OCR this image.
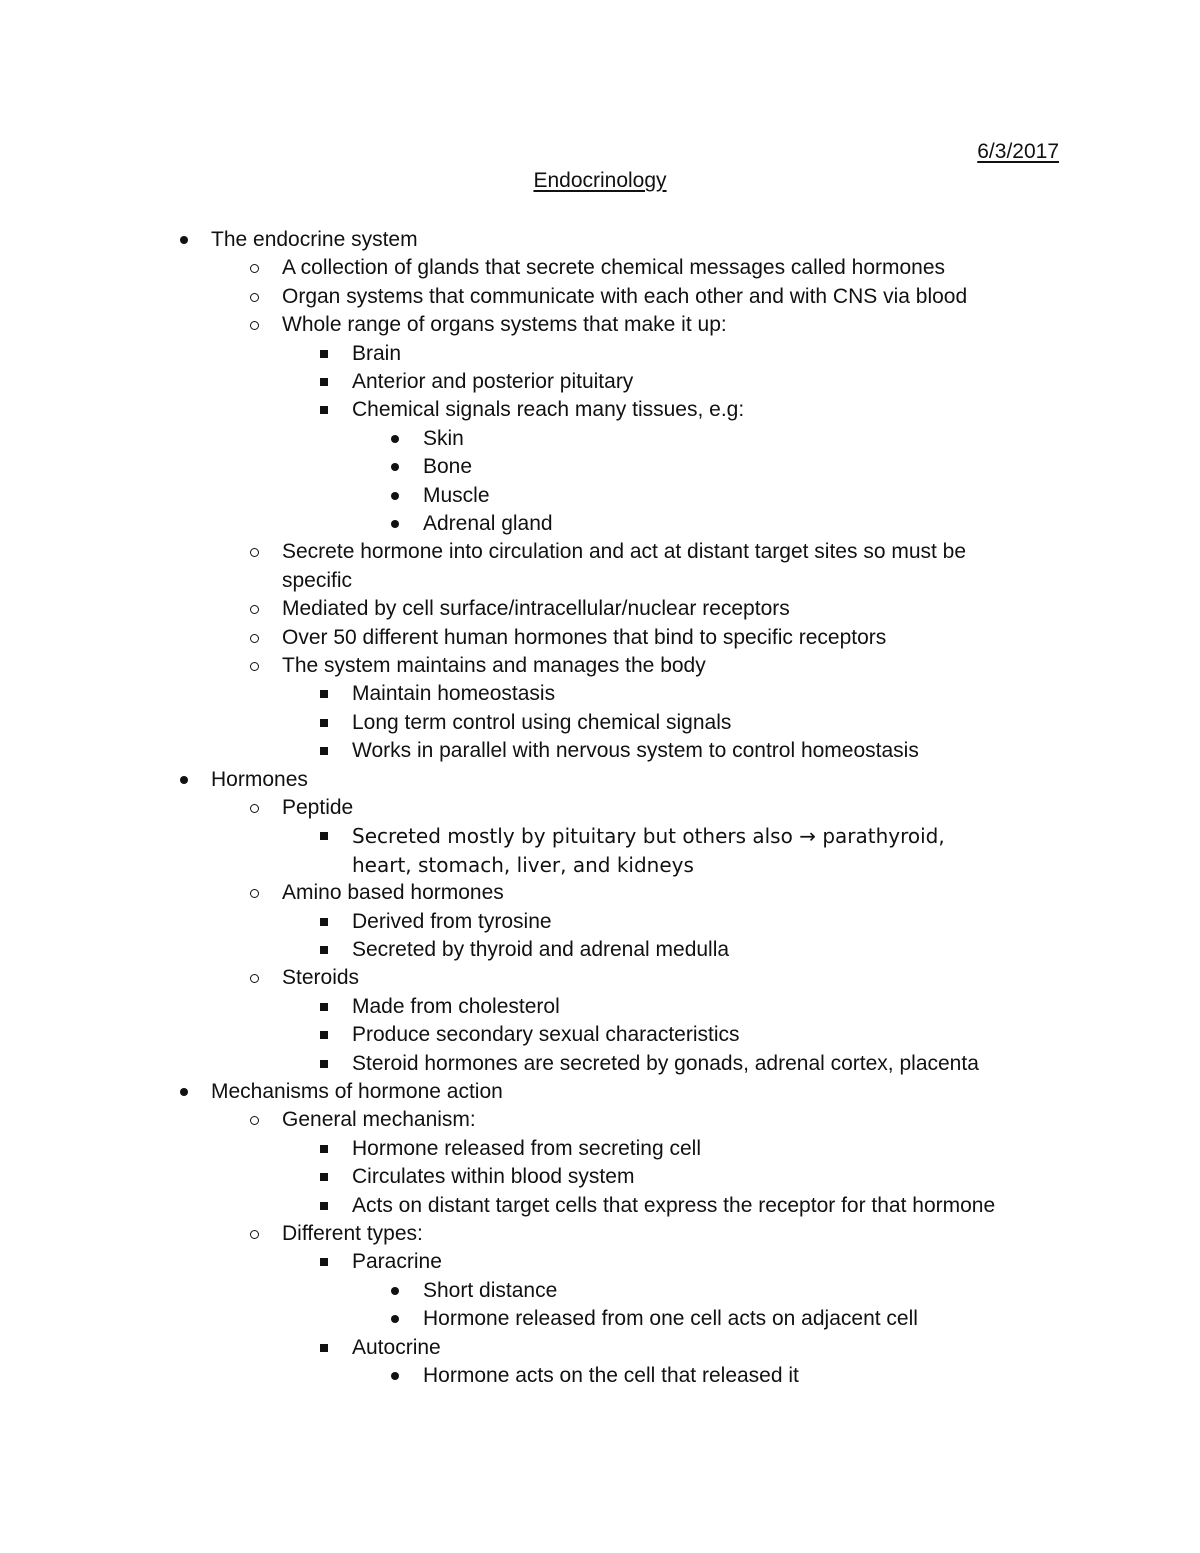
6/3/2017
Endocrinology
The endocrine system
A collection of glands that secrete chemical messages called hormones
Organ systems that communicate with each other and with CNS via blood
Whole range of organs systems that make it up:
Brain
Anterior and posterior pituitary
Chemical signals reach many tissues, e.g:
Skin
Bone
Muscle
Adrenal gland
Secrete hormone into circulation and act at distant target sites so must be
specific
Mediated by cell surface/intracellular/nuclear receptors
Over 50 different human hormones that bind to specific receptors
The system maintains and manages the body
Maintain homeostasis
Long term control using chemical signals
Works in parallel with nervous system to control homeostasis
Hormones
Peptide
Secreted mostly by pituitary but others also → parathyroid,
heart, stomach, liver, and kidneys
Amino based hormones
Derived from tyrosine
Secreted by thyroid and adrenal medulla
Steroids
Made from cholesterol
Produce secondary sexual characteristics
Steroid hormones are secreted by gonads, adrenal cortex, placenta
Mechanisms of hormone action
General mechanism:
Hormone released from secreting cell
Circulates within blood system
Acts on distant target cells that express the receptor for that hormone
Different types:
Paracrine
Short distance
Hormone released from one cell acts on adjacent cell
Autocrine
Hormone acts on the cell that released it
